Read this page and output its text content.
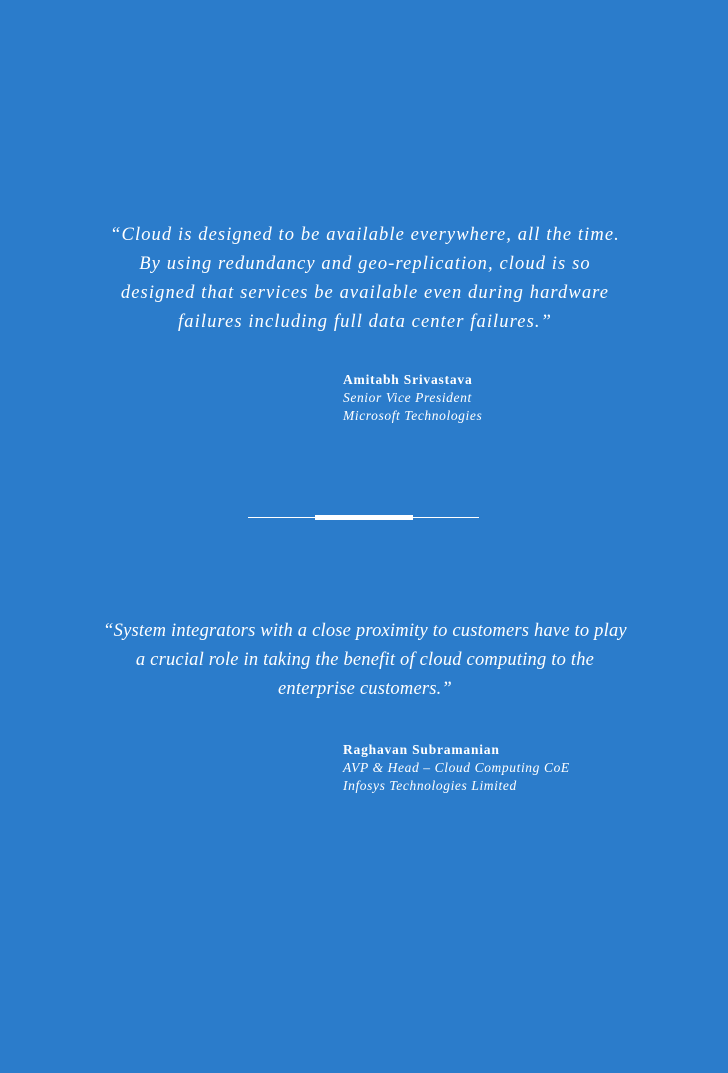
“Cloud is designed to be available everywhere, all the time. By using redundancy and geo-replication, cloud is so designed that services be available even during hardware failures including full data center failures.”

Amitabh Srivastava
Senior Vice President
Microsoft Technologies

“System integrators with a close proximity to customers have to play a crucial role in taking the benefit of cloud computing to the enterprise customers.”

Raghavan Subramanian
AVP & Head – Cloud Computing CoE
Infosys Technologies Limited
